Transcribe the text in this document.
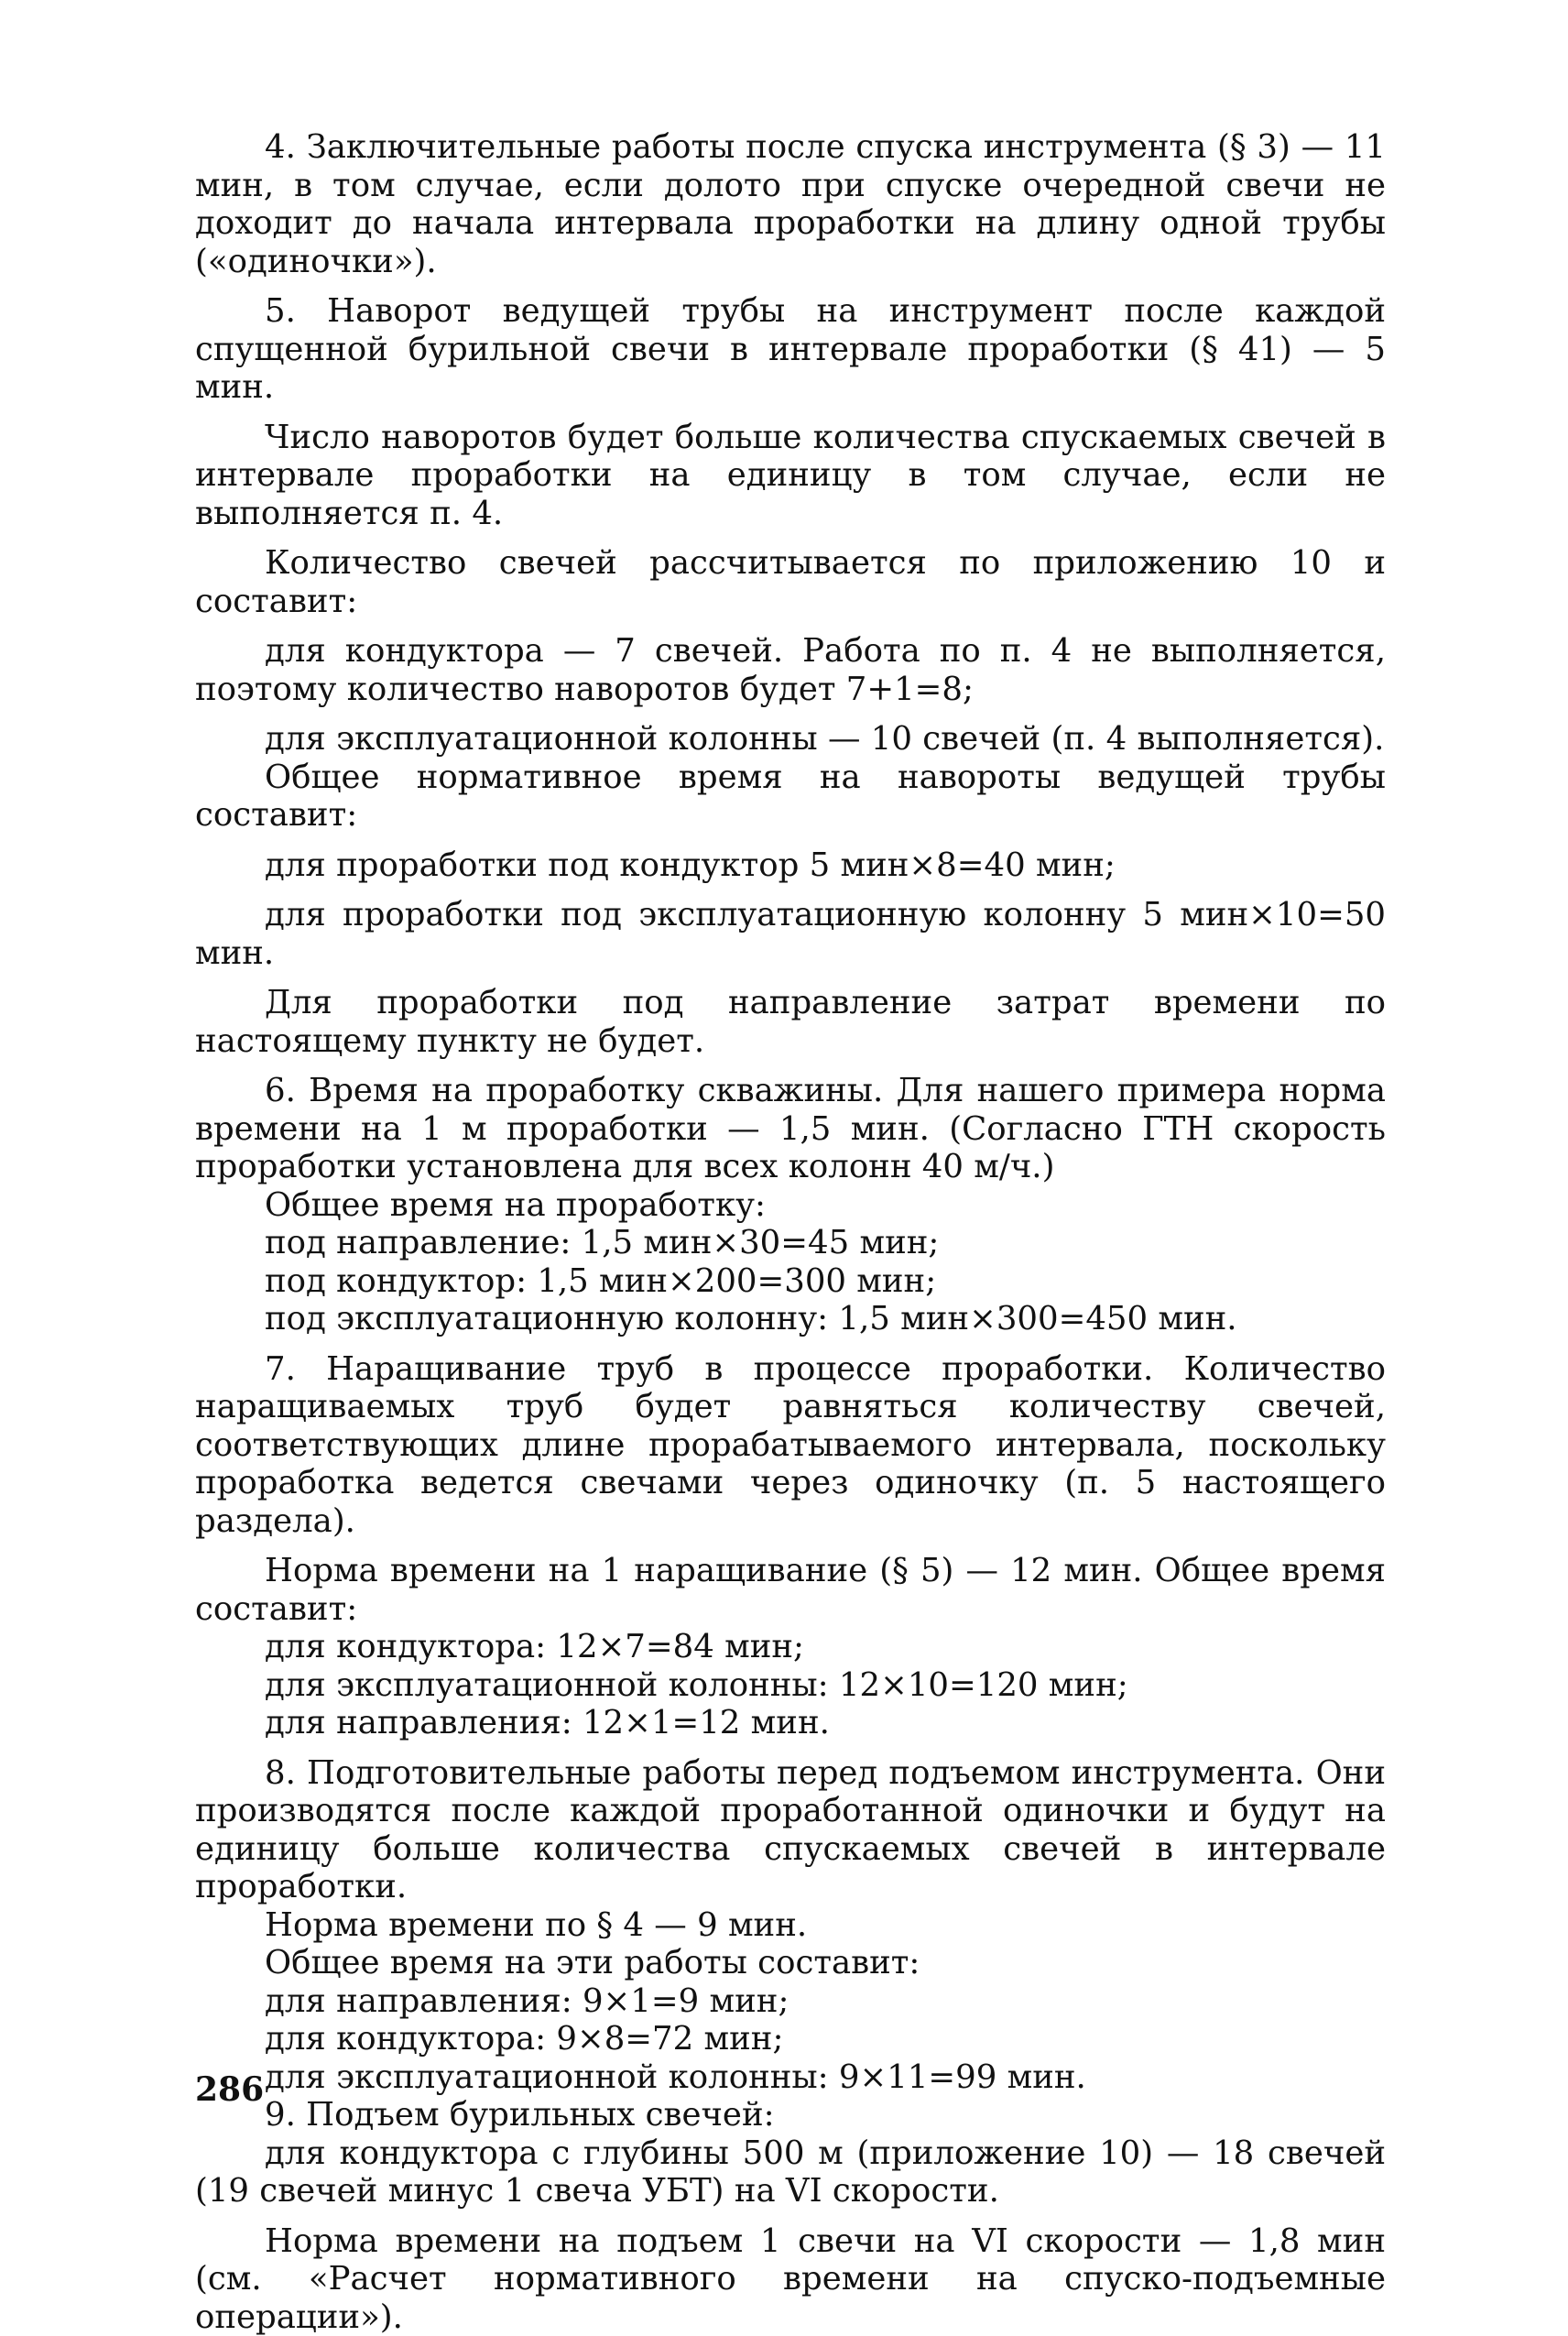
4. Заключительные работы после спуска инструмента (§ 3) — 11 мин, в том случае, если долото при спуске очередной свечи не доходит до начала интервала проработки на длину одной трубы («одиночки»).

5. Наворот ведущей трубы на инструмент после каждой спущенной бурильной свечи в интервале проработки (§ 41) — 5 мин.

Число наворотов будет больше количества спускаемых свечей в интервале проработки на единицу в том случае, если не выполняется п. 4.

Количество свечей рассчитывается по приложению 10 и составит:

для кондуктора — 7 свечей. Работа по п. 4 не выполняется, поэтому количество наворотов будет 7+1=8;

для эксплуатационной колонны — 10 свечей (п. 4 выполняется).

Общее нормативное время на навороты ведущей трубы составит:

для проработки под кондуктор 5 мин×8=40 мин;

для проработки под эксплуатационную колонну 5 мин×10=50 мин.

Для проработки под направление затрат времени по настоящему пункту не будет.

6. Время на проработку скважины. Для нашего примера норма времени на 1 м проработки — 1,5 мин. (Согласно ГТН скорость проработки установлена для всех колонн 40 м/ч.)

Общее время на проработку:

под направление: 1,5 мин×30=45 мин;

под кондуктор: 1,5 мин×200=300 мин;

под эксплуатационную колонну: 1,5 мин×300=450 мин.

7. Наращивание труб в процессе проработки. Количество наращиваемых труб будет равняться количеству свечей, соответствующих длине прорабатываемого интервала, поскольку проработка ведется свечами через одиночку (п. 5 настоящего раздела).

Норма времени на 1 наращивание (§ 5) — 12 мин. Общее время составит:

для кондуктора: 12×7=84 мин;

для эксплуатационной колонны: 12×10=120 мин;

для направления: 12×1=12 мин.

8. Подготовительные работы перед подъемом инструмента. Они производятся после каждой проработанной одиночки и будут на единицу больше количества спускаемых свечей в интервале проработки.

Норма времени по § 4 — 9 мин.

Общее время на эти работы составит:

для направления: 9×1=9 мин;

для кондуктора: 9×8=72 мин;

для эксплуатационной колонны: 9×11=99 мин.

9. Подъем бурильных свечей:

для кондуктора с глубины 500 м (приложение 10) — 18 свечей (19 свечей минус 1 свеча УБТ) на VI скорости.

Норма времени на подъем 1 свечи на VI скорости — 1,8 мин (см. «Расчет нормативного времени на спуско-подъемные операции»).

286
